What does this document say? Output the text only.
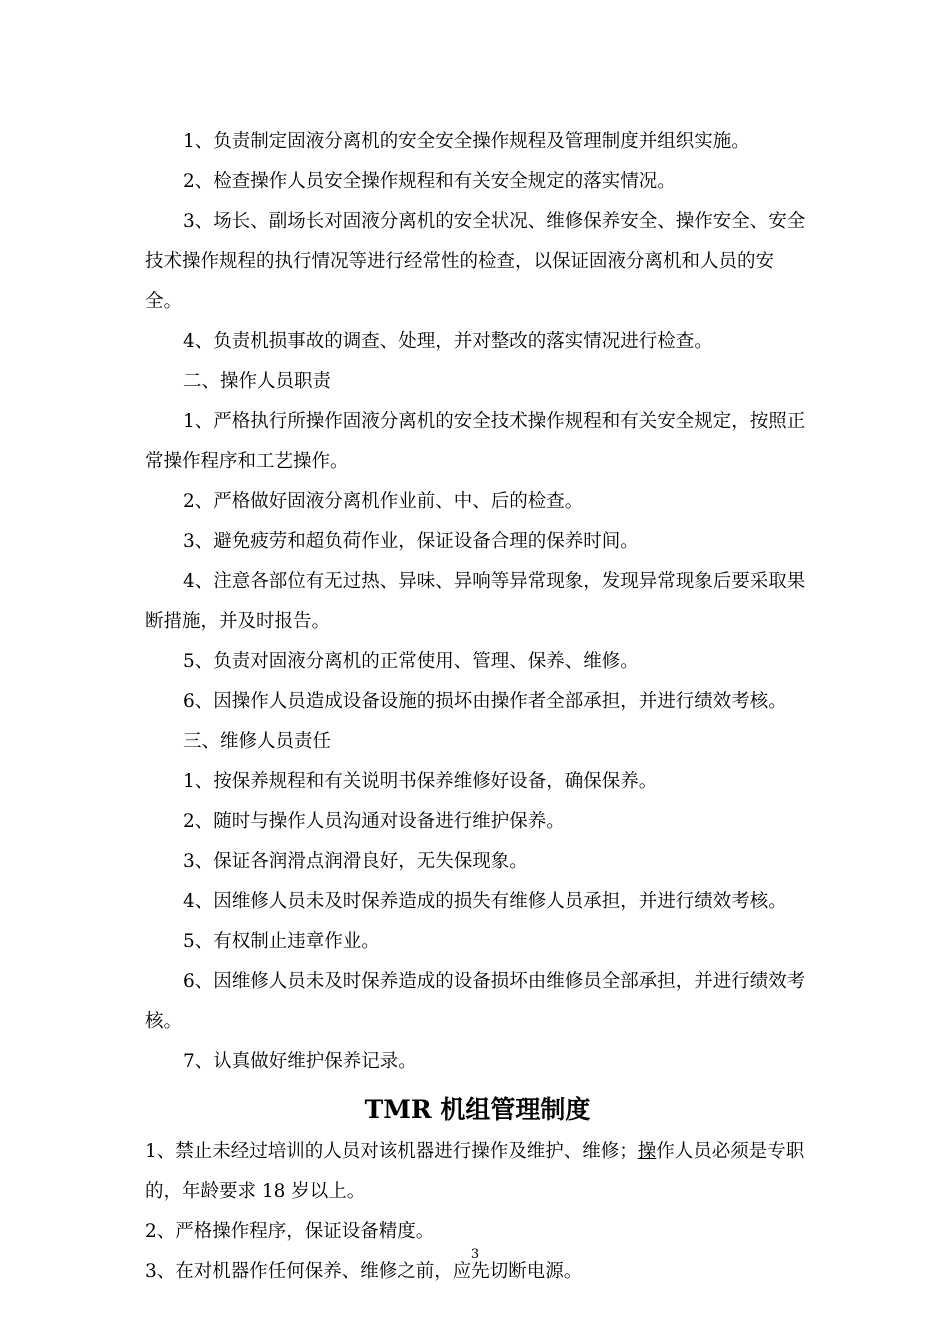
1、负责制定固液分离机的安全安全操作规程及管理制度并组织实施。

2、检查操作人员安全操作规程和有关安全规定的落实情况。

3、场长、副场长对固液分离机的安全状况、维修保养安全、操作安全、安全技术操作规程的执行情况等进行经常性的检查，以保证固液分离机和人员的安全。

4、负责机损事故的调查、处理，并对整改的落实情况进行检查。

二、操作人员职责

1、严格执行所操作固液分离机的安全技术操作规程和有关安全规定，按照正常操作程序和工艺操作。

2、严格做好固液分离机作业前、中、后的检查。

3、避免疲劳和超负荷作业，保证设备合理的保养时间。

4、注意各部位有无过热、异味、异响等异常现象，发现异常现象后要采取果断措施，并及时报告。

5、负责对固液分离机的正常使用、管理、保养、维修。

6、因操作人员造成设备设施的损坏由操作者全部承担，并进行绩效考核。

三、维修人员责任

1、按保养规程和有关说明书保养维修好设备，确保保养。

2、随时与操作人员沟通对设备进行维护保养。

3、保证各润滑点润滑良好，无失保现象。

4、因维修人员未及时保养造成的损失有维修人员承担，并进行绩效考核。

5、有权制止违章作业。

6、因维修人员未及时保养造成的设备损坏由维修员全部承担，并进行绩效考核。

7、认真做好维护保养记录。

TMR 机组管理制度

1、禁止未经过培训的人员对该机器进行操作及维护、维修；操作人员必须是专职的，年龄要求 18 岁以上。

2、严格操作程序，保证设备精度。

3、在对机器作任何保养、维修之前，应先切断电源。

3
